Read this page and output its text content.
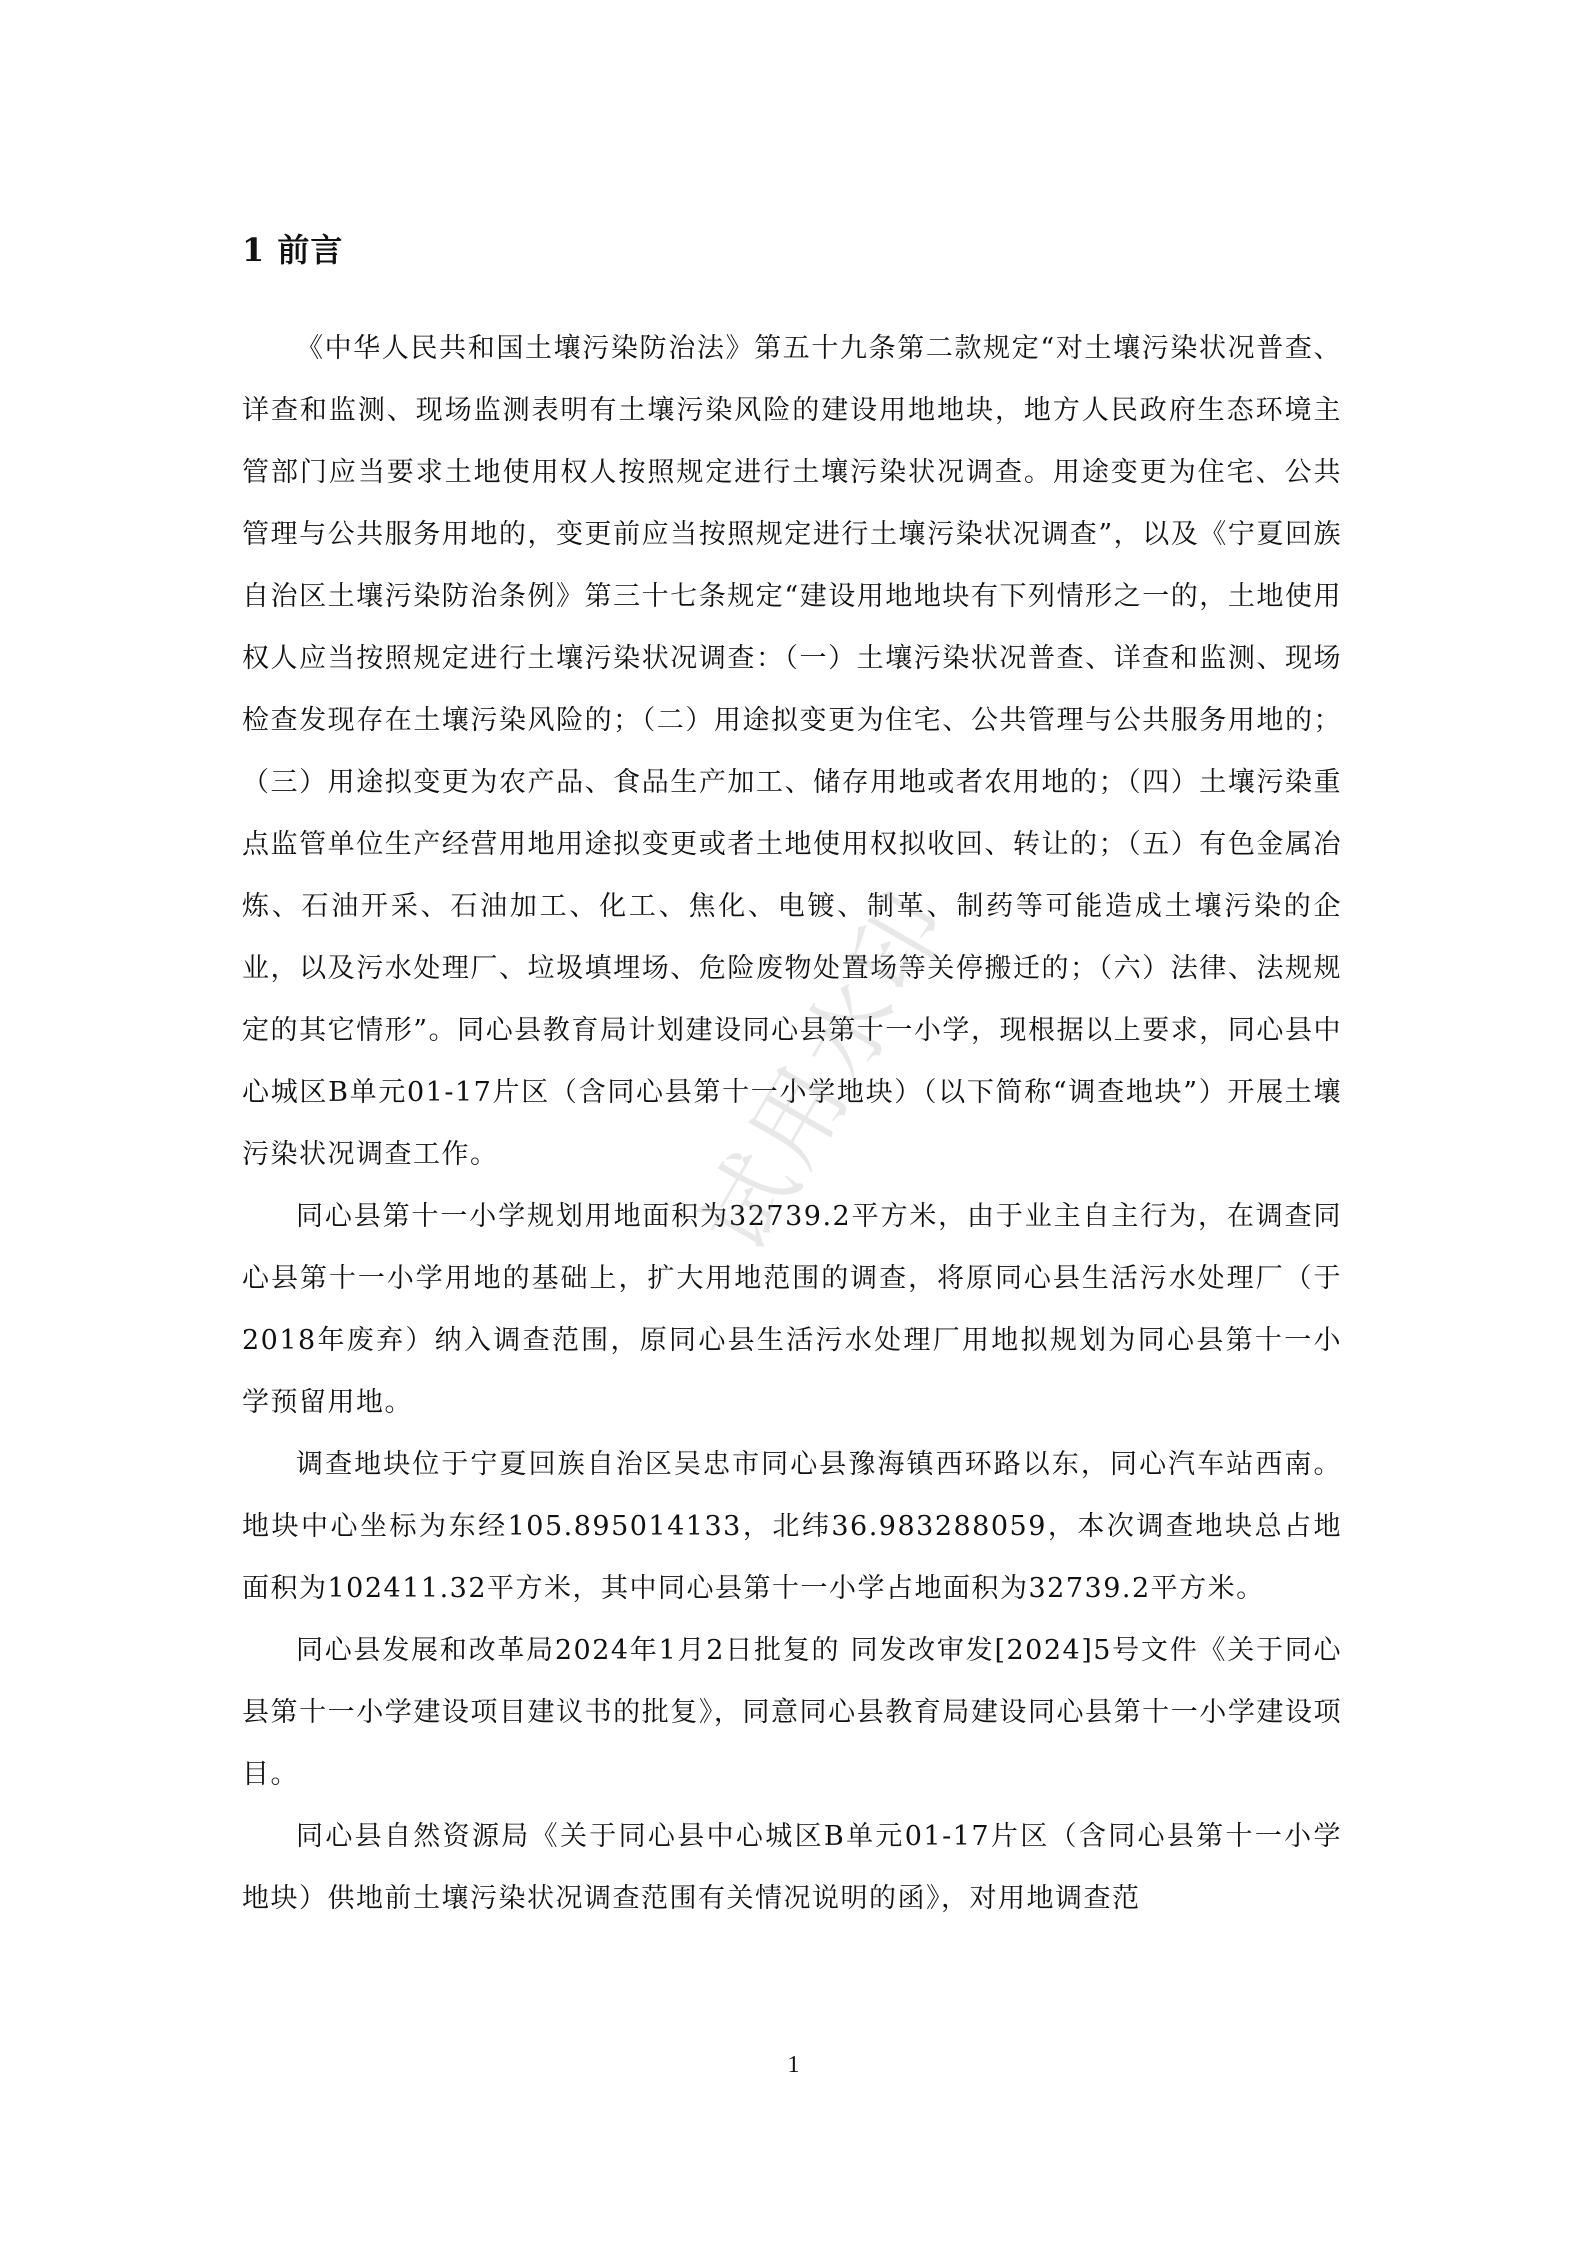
1 前言

《中华人民共和国土壤污染防治法》第五十九条第二款规定“对土壤污染状况普查、详查和监测、现场监测表明有土壤污染风险的建设用地地块，地方人民政府生态环境主管部门应当要求土地使用权人按照规定进行土壤污染状况调查。用途变更为住宅、公共管理与公共服务用地的，变更前应当按照规定进行土壤污染状况调查”，以及《宁夏回族自治区土壤污染防治条例》第三十七条规定“建设用地地块有下列情形之一的，土地使用权人应当按照规定进行土壤污染状况调查：（一）土壤污染状况普查、详查和监测、现场检查发现存在土壤污染风险的；（二）用途拟变更为住宅、公共管理与公共服务用地的；（三）用途拟变更为农产品、食品生产加工、储存用地或者农用地的；（四）土壤污染重点监管单位生产经营用地用途拟变更或者土地使用权拟收回、转让的；（五）有色金属冶炼、石油开采、石油加工、化工、焦化、电镀、制革、制药等可能造成土壤污染的企业，以及污水处理厂、垃圾填埋场、危险废物处置场等关停搬迁的；（六）法律、法规规定的其它情形”。同心县教育局计划建设同心县第十一小学，现根据以上要求，同心县中心城区B单元01-17片区（含同心县第十一小学地块）（以下简称“调查地块”）开展土壤污染状况调查工作。

同心县第十一小学规划用地面积为32739.2平方米，由于业主自主行为，在调查同心县第十一小学用地的基础上，扩大用地范围的调查，将原同心县生活污水处理厂（于2018年废弃）纳入调查范围，原同心县生活污水处理厂用地拟规划为同心县第十一小学预留用地。

调查地块位于宁夏回族自治区吴忠市同心县豫海镇西环路以东，同心汽车站西南。地块中心坐标为东经105.895014133，北纬36.983288059，本次调查地块总占地面积为102411.32平方米，其中同心县第十一小学占地面积为32739.2平方米。

同心县发展和改革局2024年1月2日批复的 同发改审发[2024]5号文件《关于同心县第十一小学建设项目建议书的批复》，同意同心县教育局建设同心县第十一小学建设项目。

同心县自然资源局《关于同心县中心城区B单元01-17片区（含同心县第十一小学地块）供地前土壤污染状况调查范围有关情况说明的函》，对用地调查范

试用水印
1
